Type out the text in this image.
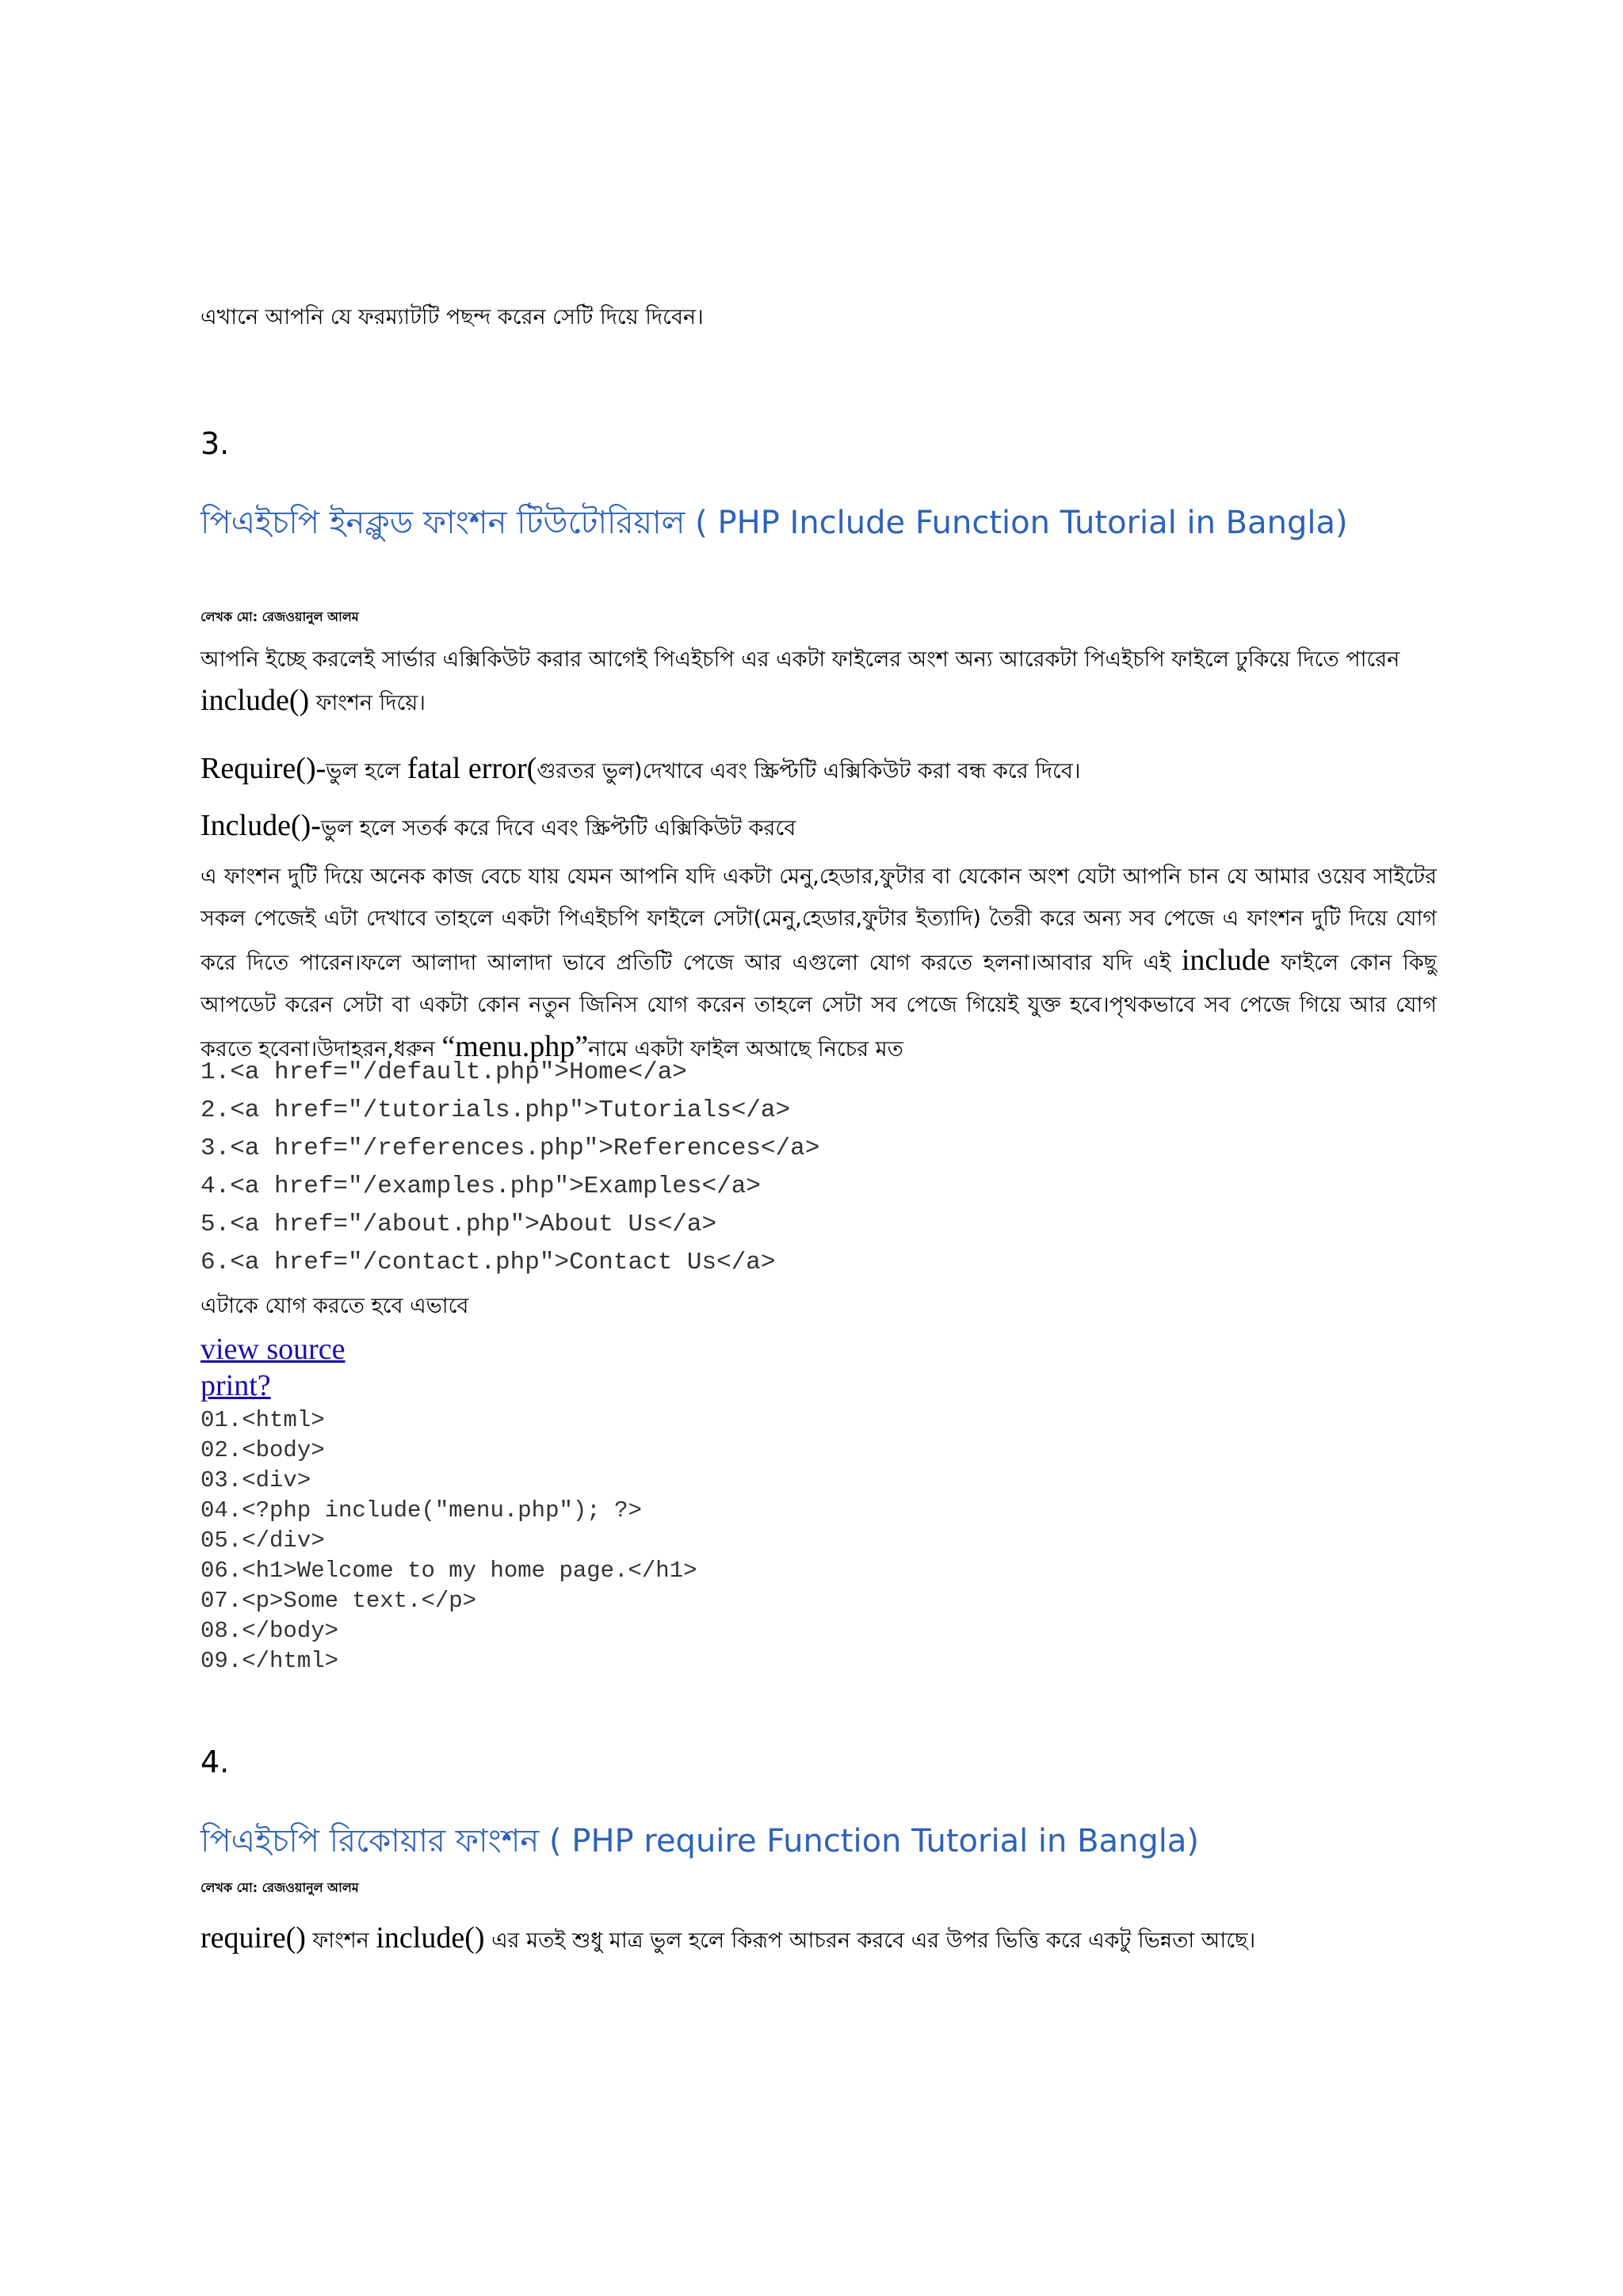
এখানে আপনি যে ফরম্যাটটি পছন্দ করেন সেটি দিয়ে দিবেন।
3.
পিএইচপি ইনক্লুড ফাংশন টিউটোরিয়াল ( PHP Include Function Tutorial in Bangla)
লেখক মো: রেজওয়ানুল আলম
আপনি ইচ্ছে করলেই সার্ভার এক্সিকিউট করার আগেই পিএইচপি এর একটা ফাইলের অংশ অন্য আরেকটা পিএইচপি ফাইলে ঢুকিয়ে দিতে পারেন
include() ফাংশন দিয়ে।
Require()-ভুল হলে fatal error(গুরতর ভুল)দেখাবে এবং স্ক্রিপ্টটি এক্সিকিউট করা বন্ধ করে দিবে।
Include()-ভুল হলে সতর্ক করে দিবে এবং স্ক্রিপ্টটি এক্সিকিউট করবে
এ ফাংশন দুটি দিয়ে অনেক কাজ বেচে যায় যেমন আপনি যদি একটা মেনু,হেডার,ফুটার বা যেকোন অংশ যেটা আপনি চান যে আমার ওয়েব সাইটের সকল পেজেই এটা দেখাবে তাহলে একটা পিএইচপি ফাইলে সেটা(মেনু,হেডার,ফুটার ইত্যাদি) তৈরী করে অন্য সব পেজে এ ফাংশন দুটি দিয়ে যোগ করে দিতে পারেন।ফলে আলাদা আলাদা ভাবে প্রতিটি পেজে আর এগুলো যোগ করতে হলনা।আবার যদি এই include ফাইলে কোন কিছু আপডেট করেন সেটা বা একটা কোন নতুন জিনিস যোগ করেন তাহলে সেটা সব পেজে গিয়েই যুক্ত হবে।পৃথকভাবে সব পেজে গিয়ে আর যোগ করতে হবেনা।উদাহরন,ধরুন “menu.php”নামে একটা ফাইল অআছে নিচের মত
1.<a href="/default.php">Home</a>
2.<a href="/tutorials.php">Tutorials</a>
3.<a href="/references.php">References</a>
4.<a href="/examples.php">Examples</a>
5.<a href="/about.php">About Us</a>
6.<a href="/contact.php">Contact Us</a>
এটাকে যোগ করতে হবে এভাবে
view source
print?
01.<html>
02.<body>
03.<div>
04.<?php include("menu.php"); ?>
05.</div>
06.<h1>Welcome to my home page.</h1>
07.<p>Some text.</p>
08.</body>
09.</html>
4.
পিএইচপি রিকোয়ার ফাংশন ( PHP require Function Tutorial in Bangla)
লেখক মো: রেজওয়ানুল আলম
require() ফাংশন include() এর মতই শুধু মাত্র ভুল হলে কিরূপ আচরন করবে এর উপর ভিত্তি করে একটু ভিন্নতা আছে।
